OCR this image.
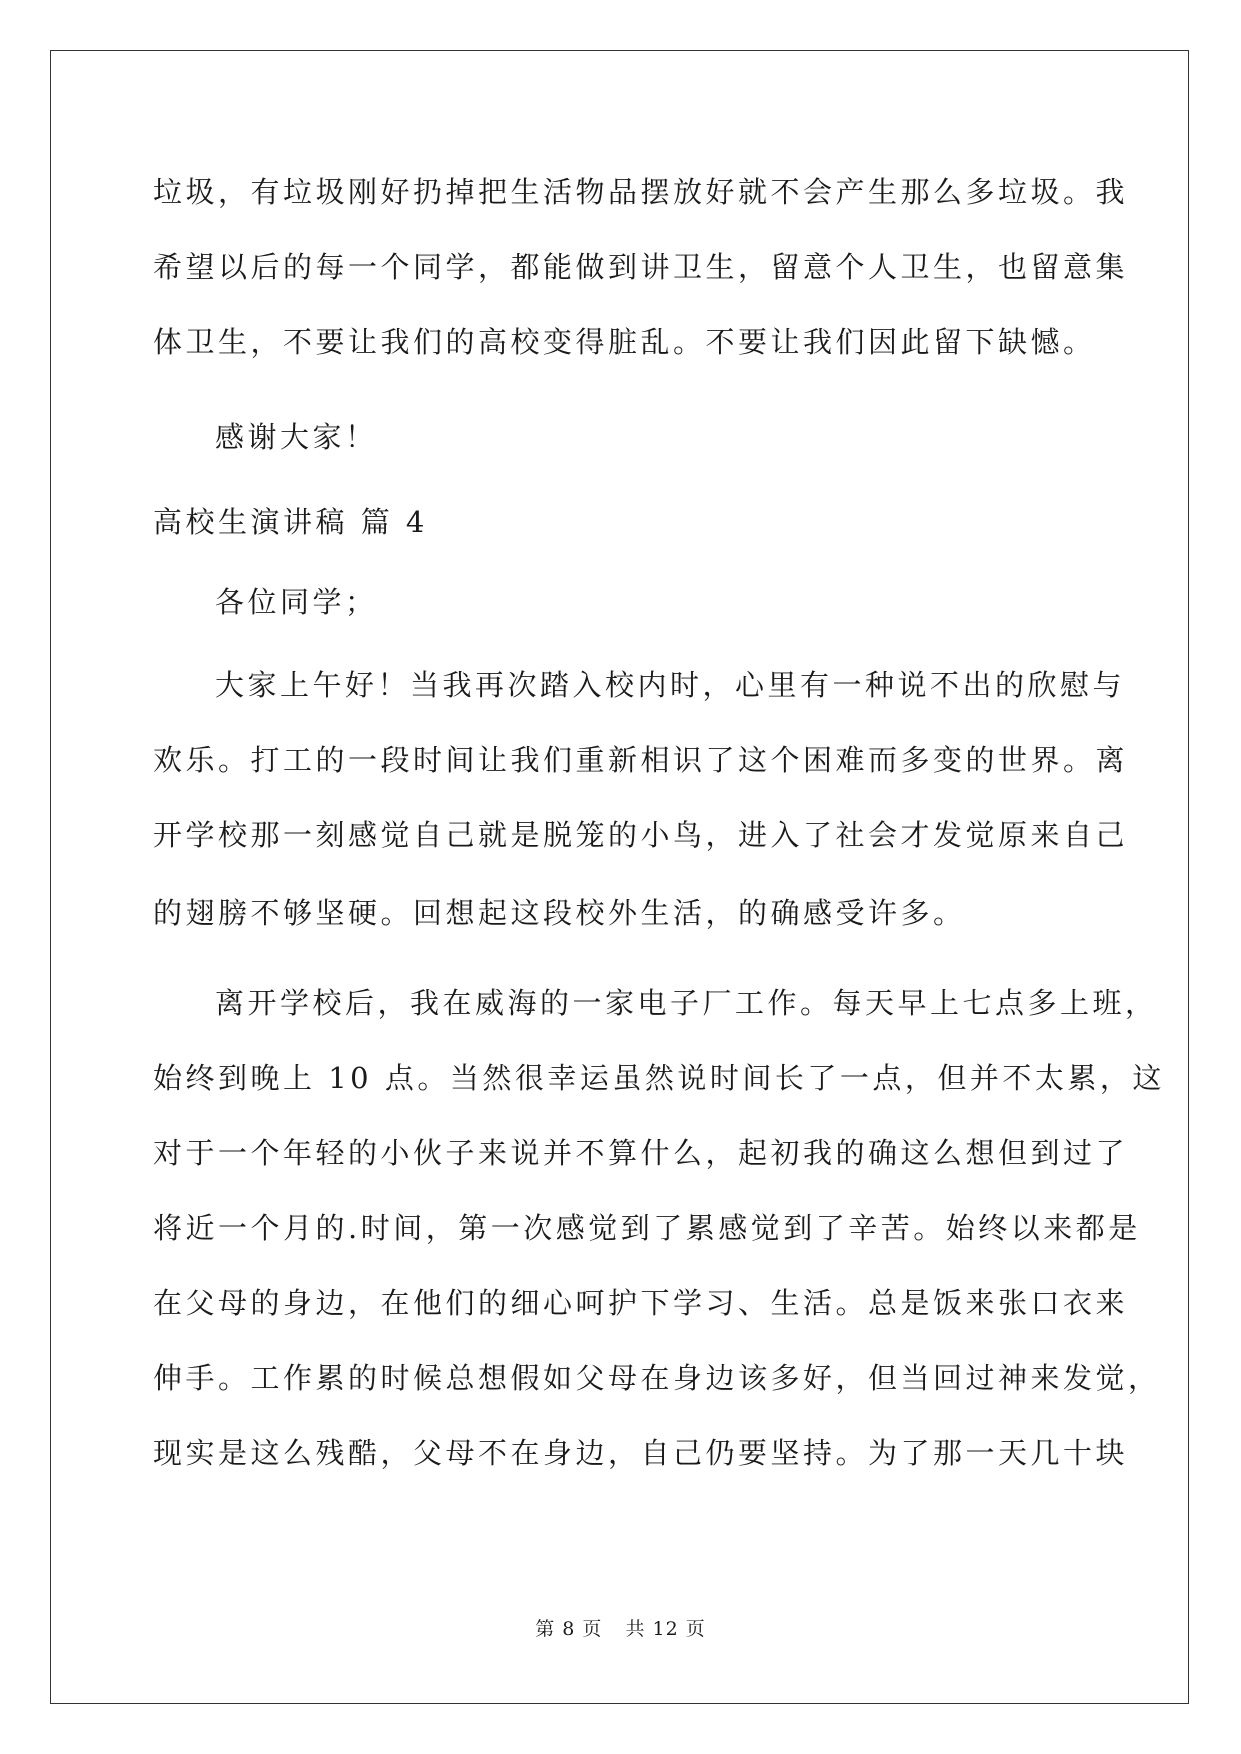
垃圾，有垃圾刚好扔掉把生活物品摆放好就不会产生那么多垃圾。我
希望以后的每一个同学，都能做到讲卫生，留意个人卫生，也留意集
体卫生，不要让我们的高校变得脏乱。不要让我们因此留下缺憾。
感谢大家！
高校生演讲稿 篇 4
各位同学；
大家上午好！当我再次踏入校内时，心里有一种说不出的欣慰与
欢乐。打工的一段时间让我们重新相识了这个困难而多变的世界。离
开学校那一刻感觉自己就是脱笼的小鸟，进入了社会才发觉原来自己
的翅膀不够坚硬。回想起这段校外生活，的确感受许多。
离开学校后，我在威海的一家电子厂工作。每天早上七点多上班，
始终到晚上 10 点。当然很幸运虽然说时间长了一点，但并不太累，这
对于一个年轻的小伙子来说并不算什么，起初我的确这么想但到过了
将近一个月的.时间，第一次感觉到了累感觉到了辛苦。始终以来都是
在父母的身边，在他们的细心呵护下学习、生活。总是饭来张口衣来
伸手。工作累的时候总想假如父母在身边该多好，但当回过神来发觉，
现实是这么残酷，父母不在身边，自己仍要坚持。为了那一天几十块
第 8 页 共 12 页
